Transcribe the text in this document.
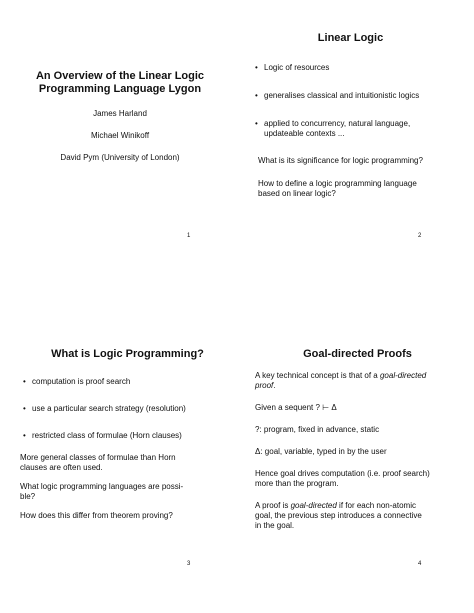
An Overview of the Linear Logic
Programming Language Lygon
James Harland
Michael Winikoff
David Pym (University of London)
1
Linear Logic
• Logic of resources
• generalises classical and intuitionistic logics
• applied to concurrency, natural language,
updateable contexts ...
What is its significance for logic programming?
How to define a logic programming language
based on linear logic?
2
What is Logic Programming?
• computation is proof search
• use a particular search strategy (resolution)
• restricted class of formulae (Horn clauses)
More general classes of formulae than Horn
clauses are often used.
What logic programming languages are possi-
ble?
How does this differ from theorem proving?
3
Goal-directed Proofs
A key technical concept is that of a goal-directed
proof.
Given a sequent ? ⊢ Δ
?: program, fixed in advance, static
Δ: goal, variable, typed in by the user
Hence goal drives computation (i.e. proof search)
more than the program.
A proof is goal-directed if for each non-atomic
goal, the previous step introduces a connective
in the goal.
4
